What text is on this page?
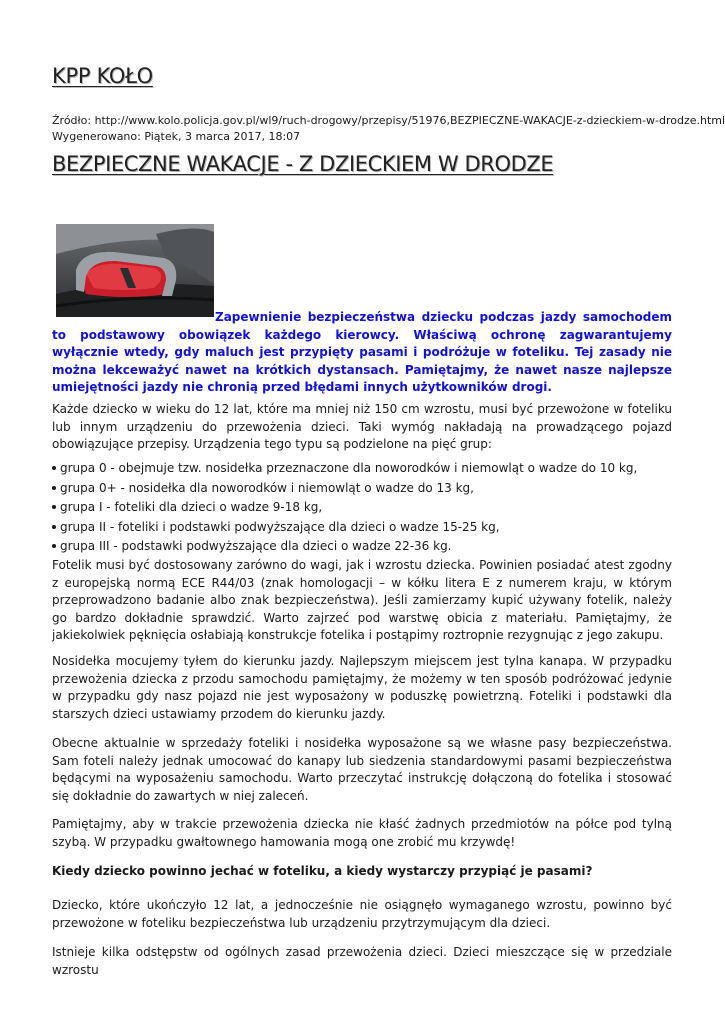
KPP KOŁO
Źródło: http://www.kolo.policja.gov.pl/wl9/ruch-drogowy/przepisy/51976,BEZPIECZNE-WAKACJE-z-dzieckiem-w-drodze.html
Wygenerowano: Piątek, 3 marca 2017, 18:07
BEZPIECZNE WAKACJE - Z DZIECKIEM W DRODZE
Zapewnienie bezpieczeństwa dziecku podczas jazdy samochodem to podstawowy obowiązek każdego kierowcy. Właściwą ochronę zagwarantujemy wyłącznie wtedy, gdy maluch jest przypięty pasami i podróżuje w foteliku. Tej zasady nie można lekceważyć nawet na krótkich dystansach. Pamiętajmy, że nawet nasze najlepsze umiejętności jazdy nie chronią przed błędami innych użytkowników drogi.
Każde dziecko w wieku do 12 lat, które ma mniej niż 150 cm wzrostu, musi być przewożone w foteliku lub innym urządzeniu do przewożenia dzieci. Taki wymóg nakładają na prowadzącego pojazd obowiązujące przepisy. Urządzenia tego typu są podzielone na pięć grup:
grupa 0 - obejmuje tzw. nosidełka przeznaczone dla noworodków i niemowląt o wadze do 10 kg,
grupa 0+ - nosidełka dla noworodków i niemowląt o wadze do 13 kg,
grupa I - foteliki dla dzieci o wadze 9-18 kg,
grupa II - foteliki i podstawki podwyższające dla dzieci o wadze 15-25 kg,
grupa III - podstawki podwyższające dla dzieci o wadze 22-36 kg.
Fotelik musi być dostosowany zarówno do wagi, jak i wzrostu dziecka. Powinien posiadać atest zgodny z europejską normą ECE R44/03 (znak homologacji – w kółku litera E z numerem kraju, w którym przeprowadzono badanie albo znak bezpieczeństwa). Jeśli zamierzamy kupić używany fotelik, należy go bardzo dokładnie sprawdzić. Warto zajrzeć pod warstwę obicia z materiału. Pamiętajmy, że jakiekolwiek pęknięcia osłabiają konstrukcje fotelika i postąpimy roztropnie rezygnując z jego zakupu.
Nosidełka mocujemy tyłem do kierunku jazdy. Najlepszym miejscem jest tylna kanapa. W przypadku przewożenia dziecka z przodu samochodu pamiętajmy, że możemy w ten sposób podróżować jedynie w przypadku gdy nasz pojazd nie jest wyposażony w poduszkę powietrzną. Foteliki i podstawki dla starszych dzieci ustawiamy przodem do kierunku jazdy.
Obecne aktualnie w sprzedaży foteliki i nosidełka wyposażone są we własne pasy bezpieczeństwa. Sam foteli należy jednak umocować do kanapy lub siedzenia standardowymi pasami bezpieczeństwa będącymi na wyposażeniu samochodu. Warto przeczytać instrukcję dołączoną do fotelika i stosować się dokładnie do zawartych w niej zaleceń.
Pamiętajmy, aby w trakcie przewożenia dziecka nie kłaść żadnych przedmiotów na półce pod tylną szybą. W przypadku gwałtownego hamowania mogą one zrobić mu krzywdę!
Kiedy dziecko powinno jechać w foteliku, a kiedy wystarczy przypiąć je pasami?
Dziecko, które ukończyło 12 lat, a jednocześnie nie osiągnęło wymaganego wzrostu, powinno być przewożone w foteliku bezpieczeństwa lub urządzeniu przytrzymującym dla dzieci.
Istnieje kilka odstępstw od ogólnych zasad przewożenia dzieci. Dzieci mieszczące się w przedziale wzrostu
